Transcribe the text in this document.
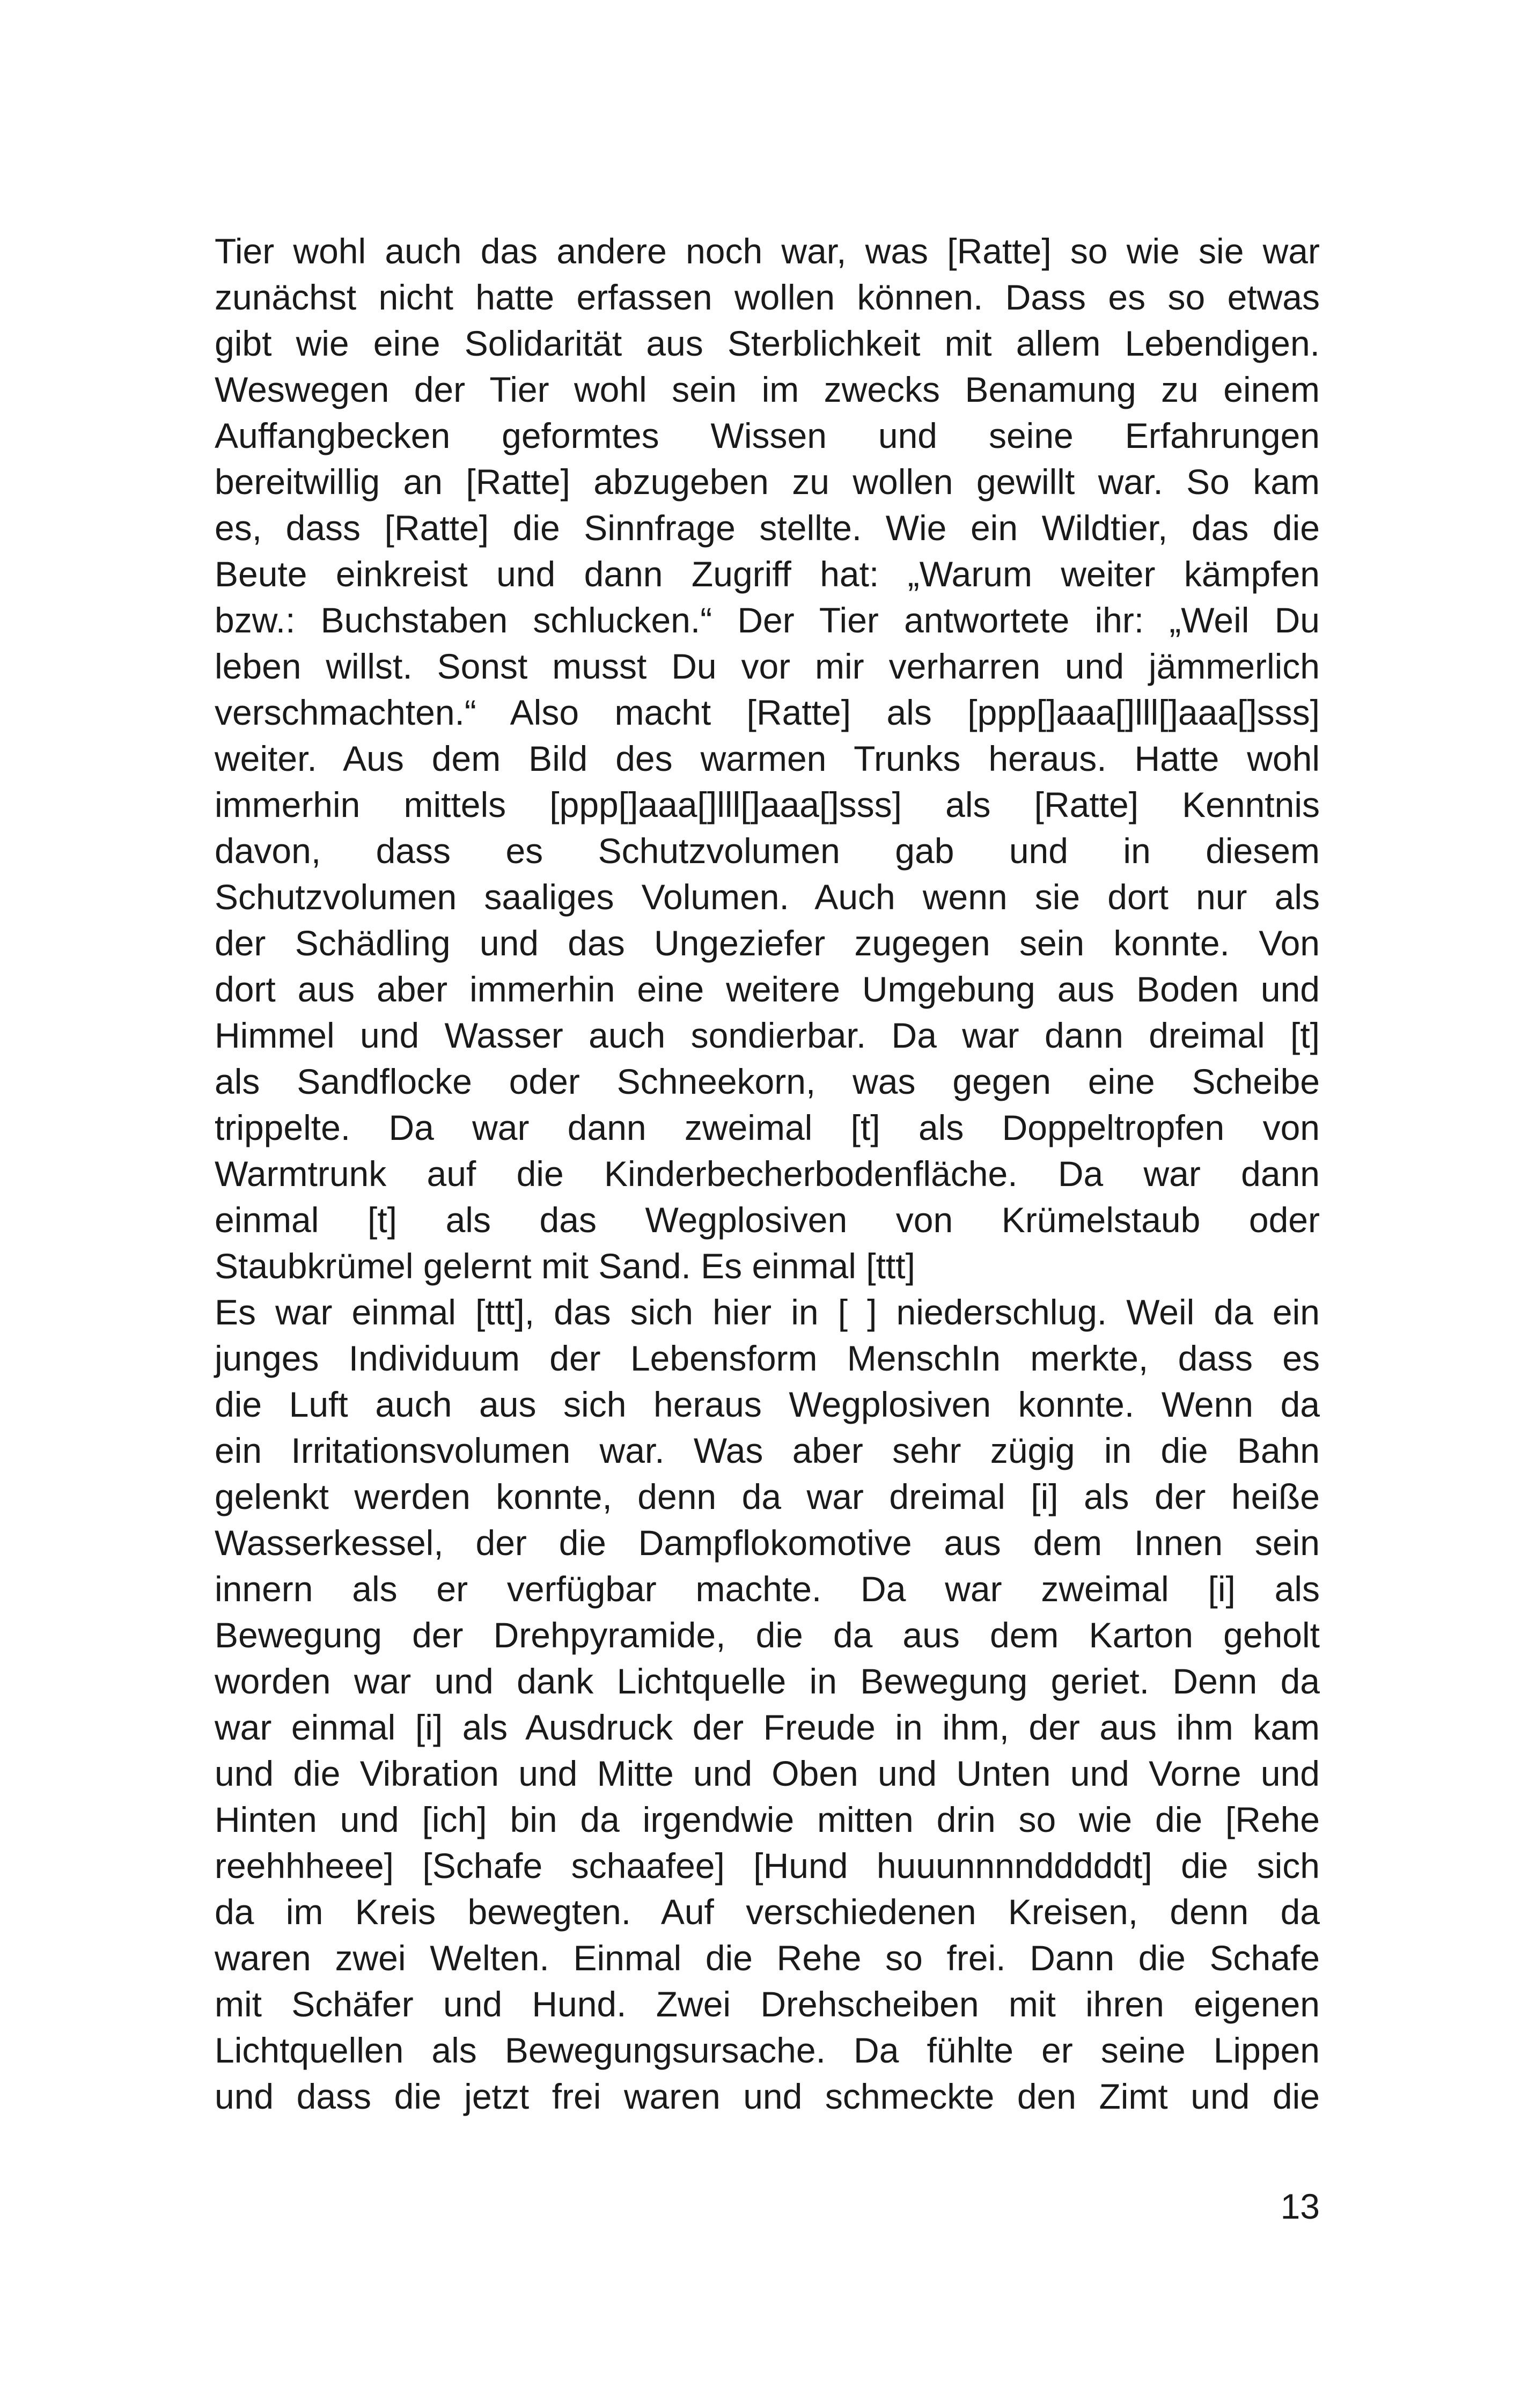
Tier wohl auch das andere noch war, was [Ratte] so wie sie war
zunächst nicht hatte erfassen wollen können. Dass es so etwas
gibt wie eine Solidarität aus Sterblichkeit mit allem Lebendigen.
Weswegen der Tier wohl sein im zwecks Benamung zu einem
Auffangbecken geformtes Wissen und seine Erfahrungen
bereitwillig an [Ratte] abzugeben zu wollen gewillt war. So kam
es, dass [Ratte] die Sinnfrage stellte. Wie ein Wildtier, das die
Beute einkreist und dann Zugriff hat: „Warum weiter kämpfen
bzw.: Buchstaben schlucken.“ Der Tier antwortete ihr: „Weil Du
leben willst. Sonst musst Du vor mir verharren und jämmerlich
verschmachten.“ Also macht [Ratte] als [ppp[]aaa[]lll[]aaa[]sss]
weiter. Aus dem Bild des warmen Trunks heraus. Hatte wohl
immerhin mittels [ppp[]aaa[]lll[]aaa[]sss] als [Ratte] Kenntnis
davon, dass es Schutzvolumen gab und in diesem
Schutzvolumen saaliges Volumen. Auch wenn sie dort nur als
der Schädling und das Ungeziefer zugegen sein konnte. Von
dort aus aber immerhin eine weitere Umgebung aus Boden und
Himmel und Wasser auch sondierbar. Da war dann dreimal [t]
als Sandflocke oder Schneekorn, was gegen eine Scheibe
trippelte. Da war dann zweimal [t] als Doppeltropfen von
Warmtrunk auf die Kinderbecherbodenfläche. Da war dann
einmal [t] als das Wegplosiven von Krümelstaub oder
Staubkrümel gelernt mit Sand. Es einmal [ttt]
Es war einmal [ttt], das sich hier in [ ] niederschlug. Weil da ein
junges Individuum der Lebensform MenschIn merkte, dass es
die Luft auch aus sich heraus Wegplosiven konnte. Wenn da
ein Irritationsvolumen war. Was aber sehr zügig in die Bahn
gelenkt werden konnte, denn da war dreimal [i] als der heiße
Wasserkessel, der die Dampflokomotive aus dem Innen sein
innern als er verfügbar machte. Da war zweimal [i] als
Bewegung der Drehpyramide, die da aus dem Karton geholt
worden war und dank Lichtquelle in Bewegung geriet. Denn da
war einmal [i] als Ausdruck der Freude in ihm, der aus ihm kam
und die Vibration und Mitte und Oben und Unten und Vorne und
Hinten und [ich] bin da irgendwie mitten drin so wie die [Rehe
reehhheee] [Schafe schaafee] [Hund huuunnnndddddt] die sich
da im Kreis bewegten. Auf verschiedenen Kreisen, denn da
waren zwei Welten. Einmal die Rehe so frei. Dann die Schafe
mit Schäfer und Hund. Zwei Drehscheiben mit ihren eigenen
Lichtquellen als Bewegungsursache. Da fühlte er seine Lippen
und dass die jetzt frei waren und schmeckte den Zimt und die
13
